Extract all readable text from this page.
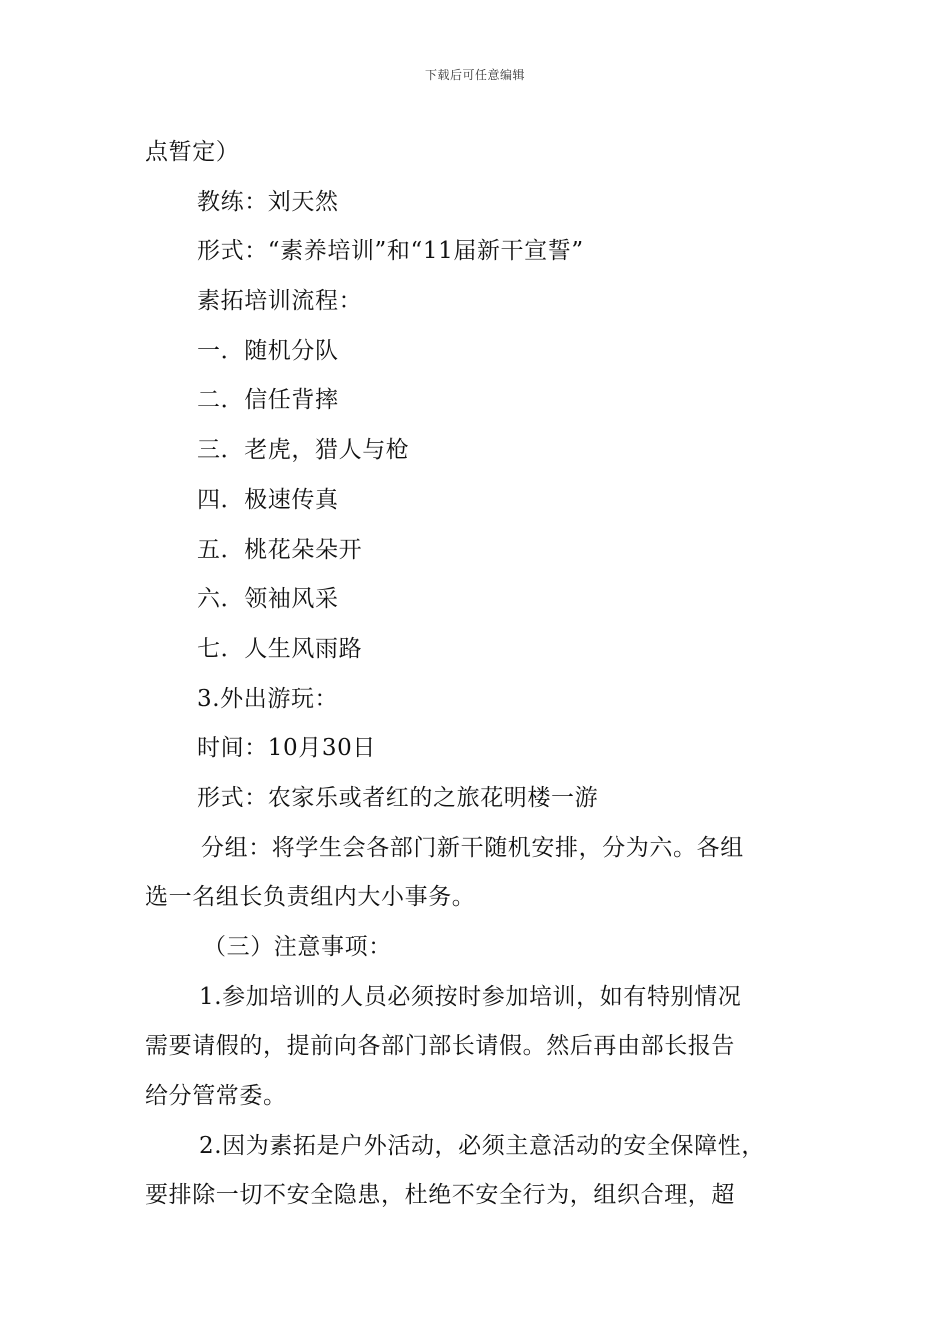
下载后可任意编辑
点暂定）
教练：刘天然
形式：“素养培训”和“11届新干宣誓”
素拓培训流程：
一．随机分队
二．信任背摔
三．老虎，猎人与枪
四．极速传真
五．桃花朵朵开
六．领袖风采
七．人生风雨路
3.外出游玩：
时间：10月30日
形式：农家乐或者红的之旅花明楼一游
分组：将学生会各部门新干随机安排，分为六。各组
选一名组长负责组内大小事务。
（三）注意事项：
1.参加培训的人员必须按时参加培训，如有特别情况
需要请假的，提前向各部门部长请假。然后再由部长报告
给分管常委。
2.因为素拓是户外活动，必须主意活动的安全保障性，
要排除一切不安全隐患，杜绝不安全行为，组织合理，超
